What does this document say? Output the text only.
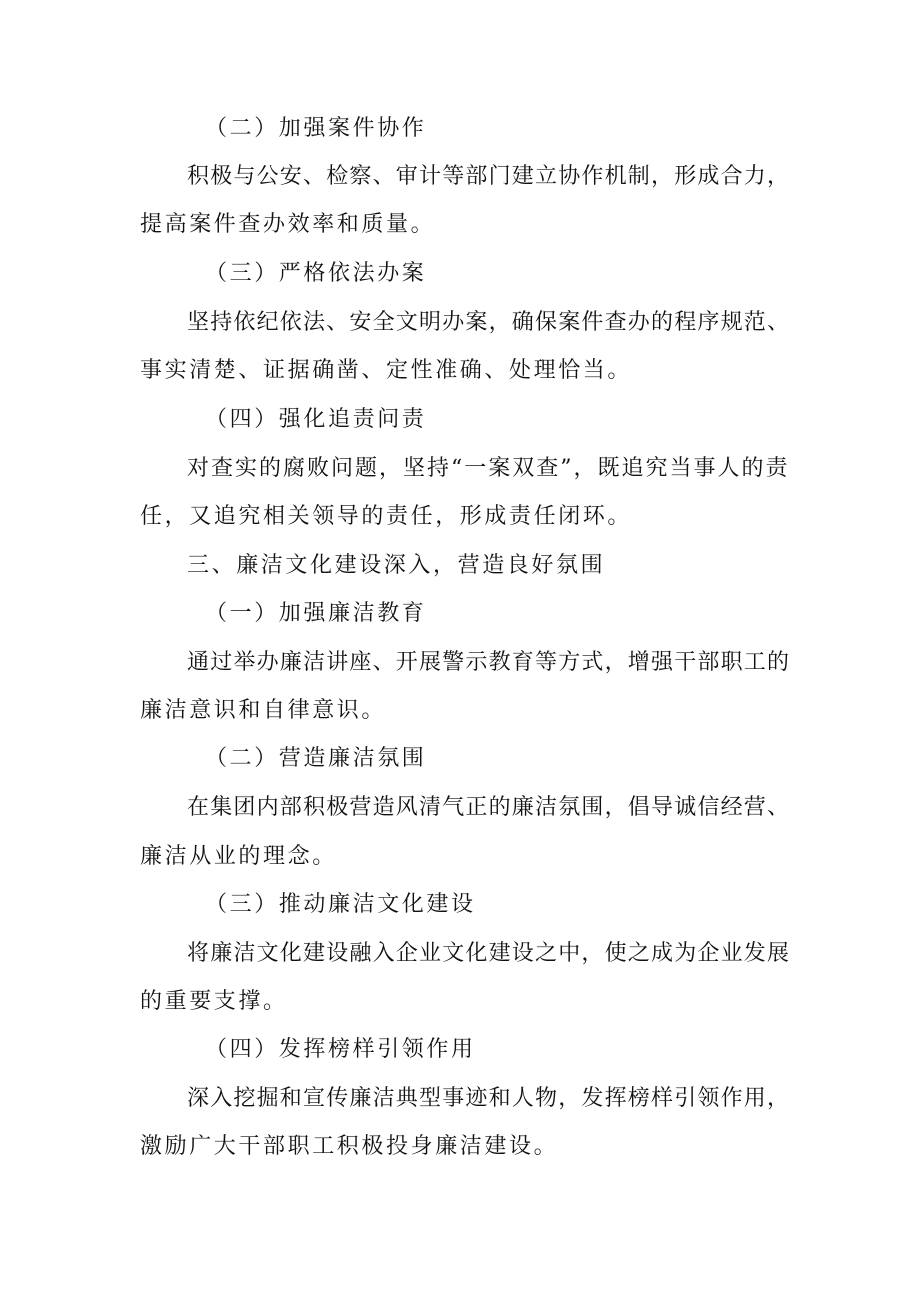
（二）加强案件协作
积极与公安、检察、审计等部门建立协作机制，形成合力，
提高案件查办效率和质量。
（三）严格依法办案
坚持依纪依法、安全文明办案，确保案件查办的程序规范、
事实清楚、证据确凿、定性准确、处理恰当。
（四）强化追责问责
对查实的腐败问题，坚持“一案双查”，既追究当事人的责
任，又追究相关领导的责任，形成责任闭环。
三、廉洁文化建设深入，营造良好氛围
（一）加强廉洁教育
通过举办廉洁讲座、开展警示教育等方式，增强干部职工的
廉洁意识和自律意识。
（二）营造廉洁氛围
在集团内部积极营造风清气正的廉洁氛围，倡导诚信经营、
廉洁从业的理念。
（三）推动廉洁文化建设
将廉洁文化建设融入企业文化建设之中，使之成为企业发展
的重要支撑。
（四）发挥榜样引领作用
深入挖掘和宣传廉洁典型事迹和人物，发挥榜样引领作用，
激励广大干部职工积极投身廉洁建设。
